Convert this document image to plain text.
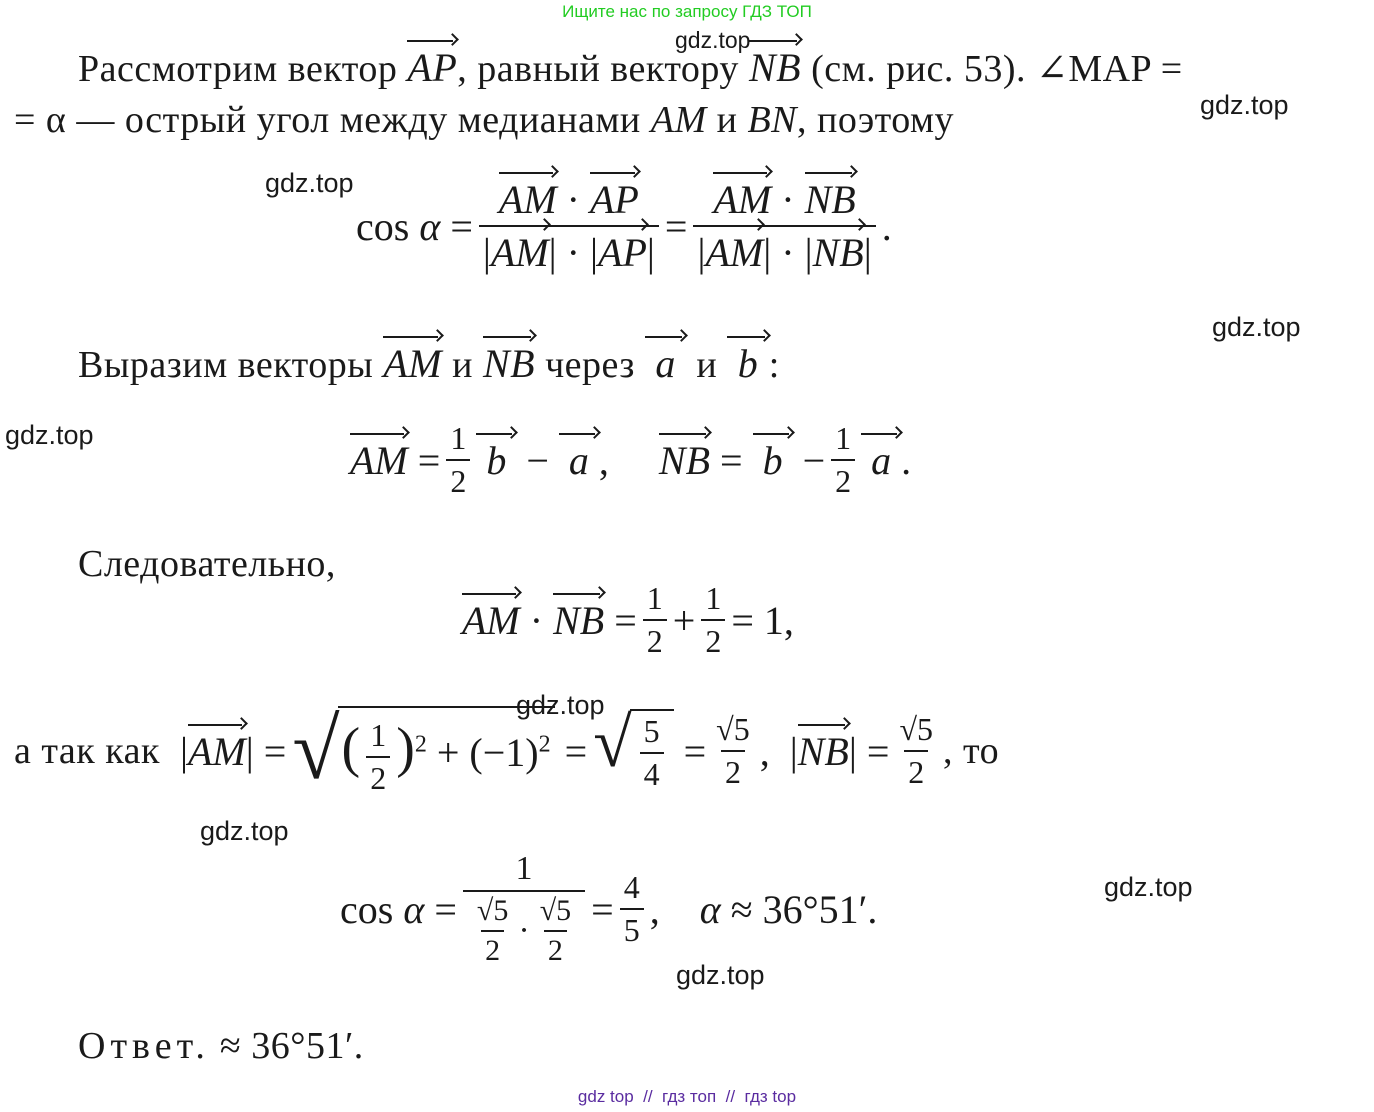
Ищите нас по запросу ГДЗ ТОП
gdz.top
gdz.top
gdz.top
gdz.top
gdz.top
gdz.top
gdz.top
gdz.top
gdz.top
Рассмотрим вектор AP, равный вектору NB (см. рис. 53). ∠MAP =
= α — острый угол между медианами AM и BN, поэтому
$\cos \alpha = \frac{AM \cdot AP}{|AM| \cdot |AP|} = \frac{AM \cdot NB}{|AM| \cdot |NB|}$ .
Выразим векторы AM и NB через  a  и  b :
AM = $\frac{1}{2}$ b − a , NB = $b - \frac{1}{2}$ a .
Следовательно,
AM · NB = $\frac{1}{2} + \frac{1}{2} = 1$,
а так как | AM | = √ ( $\frac{1}{2} )^2 + (-1)^2$ = √ $\frac{5}{4} = \frac{√5}{2}$ ,  | NB | = $\frac{√5}{2}$ , то
$\cos \alpha = \frac{1}{\frac{√5}{2} \cdot \frac{√5}{2}} = \frac{4}{5}$ , α ≈ 36°51′.
Ответ. ≈ 36°51′.
gdz top // гдз топ // гдз top
